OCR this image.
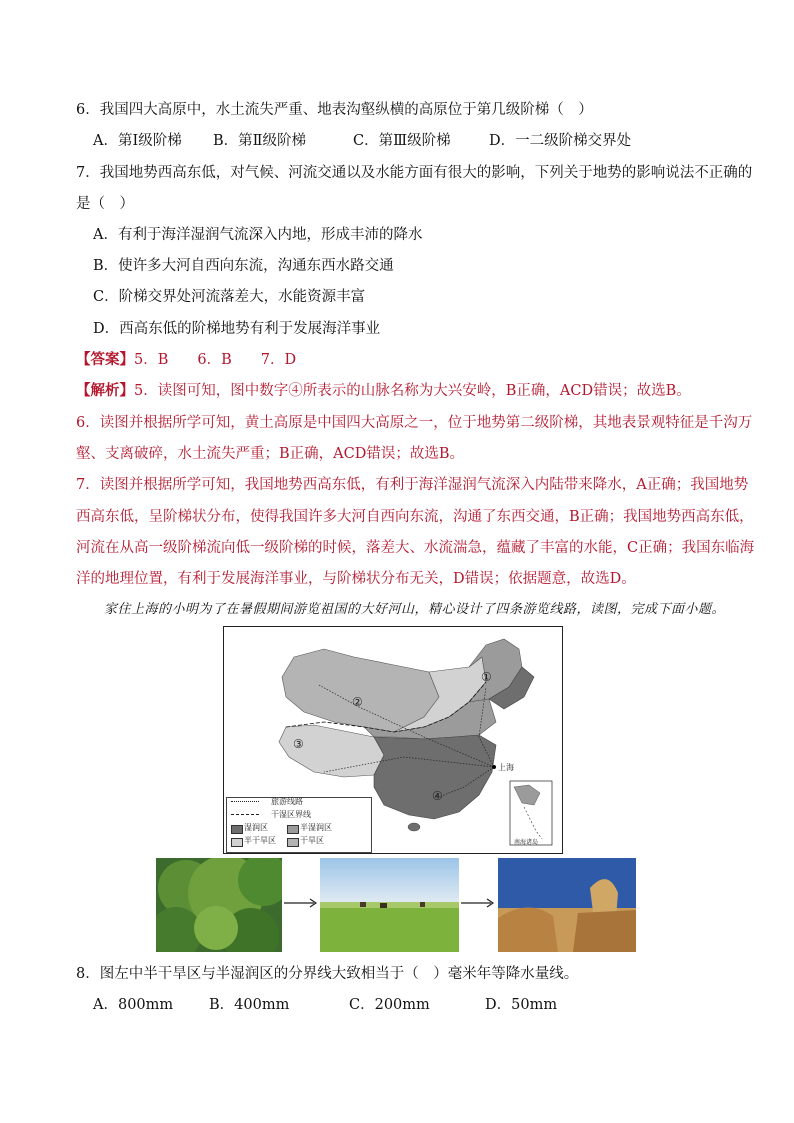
6．我国四大高原中，水土流失严重、地表沟壑纵横的高原位于第几级阶梯（　）
A．第Ⅰ级阶梯 B．第Ⅱ级阶梯	C．第Ⅲ级阶梯	D．一二级阶梯交界处
7．我国地势西高东低，对气候、河流交通以及水能方面有很大的影响，下列关于地势的影响说法不正确的
是（　）
A．有利于海洋湿润气流深入内地，形成丰沛的降水
B．使许多大河自西向东流，沟通东西水路交通
C．阶梯交界处河流落差大，水能资源丰富
D．西高东低的阶梯地势有利于发展海洋事业
【答案】5．B　　6．B　　7．D
【解析】5．读图可知，图中数字④所表示的山脉名称为大兴安岭，B正确，ACD错误；故选B。
6．读图并根据所学可知，黄土高原是中国四大高原之一，位于地势第二级阶梯，其地表景观特征是千沟万
壑、支离破碎，水土流失严重；B正确，ACD错误；故选B。
7．读图并根据所学可知，我国地势西高东低，有利于海洋湿润气流深入内陆带来降水，A正确；我国地势
西高东低，呈阶梯状分布，使得我国许多大河自西向东流，沟通了东西交通，B正确；我国地势西高东低，
河流在从高一级阶梯流向低一级阶梯的时候，落差大、水流湍急，蕴藏了丰富的水能，C正确；我国东临海
洋的地理位置，有利于发展海洋事业，与阶梯状分布无关，D错误；依据题意，故选D。
家住上海的小明为了在暑假期间游览祖国的大好河山，精心设计了四条游览线路，读图，完成下面小题。
①
②
③
④
上海
南海诸岛
旅游线路
干湿区界线
湿润区	半湿润区
半干旱区	干旱区
8．图左中半干旱区与半湿润区的分界线大致相当于（　）毫米年等降水量线。
A．800mm B．400mm	C．200mm	D．50mm
